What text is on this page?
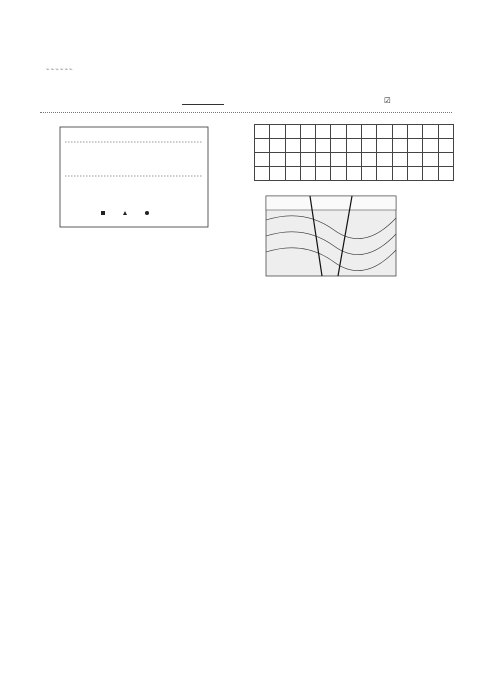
⌁⌁⌁⌁⌁⌁

☑
